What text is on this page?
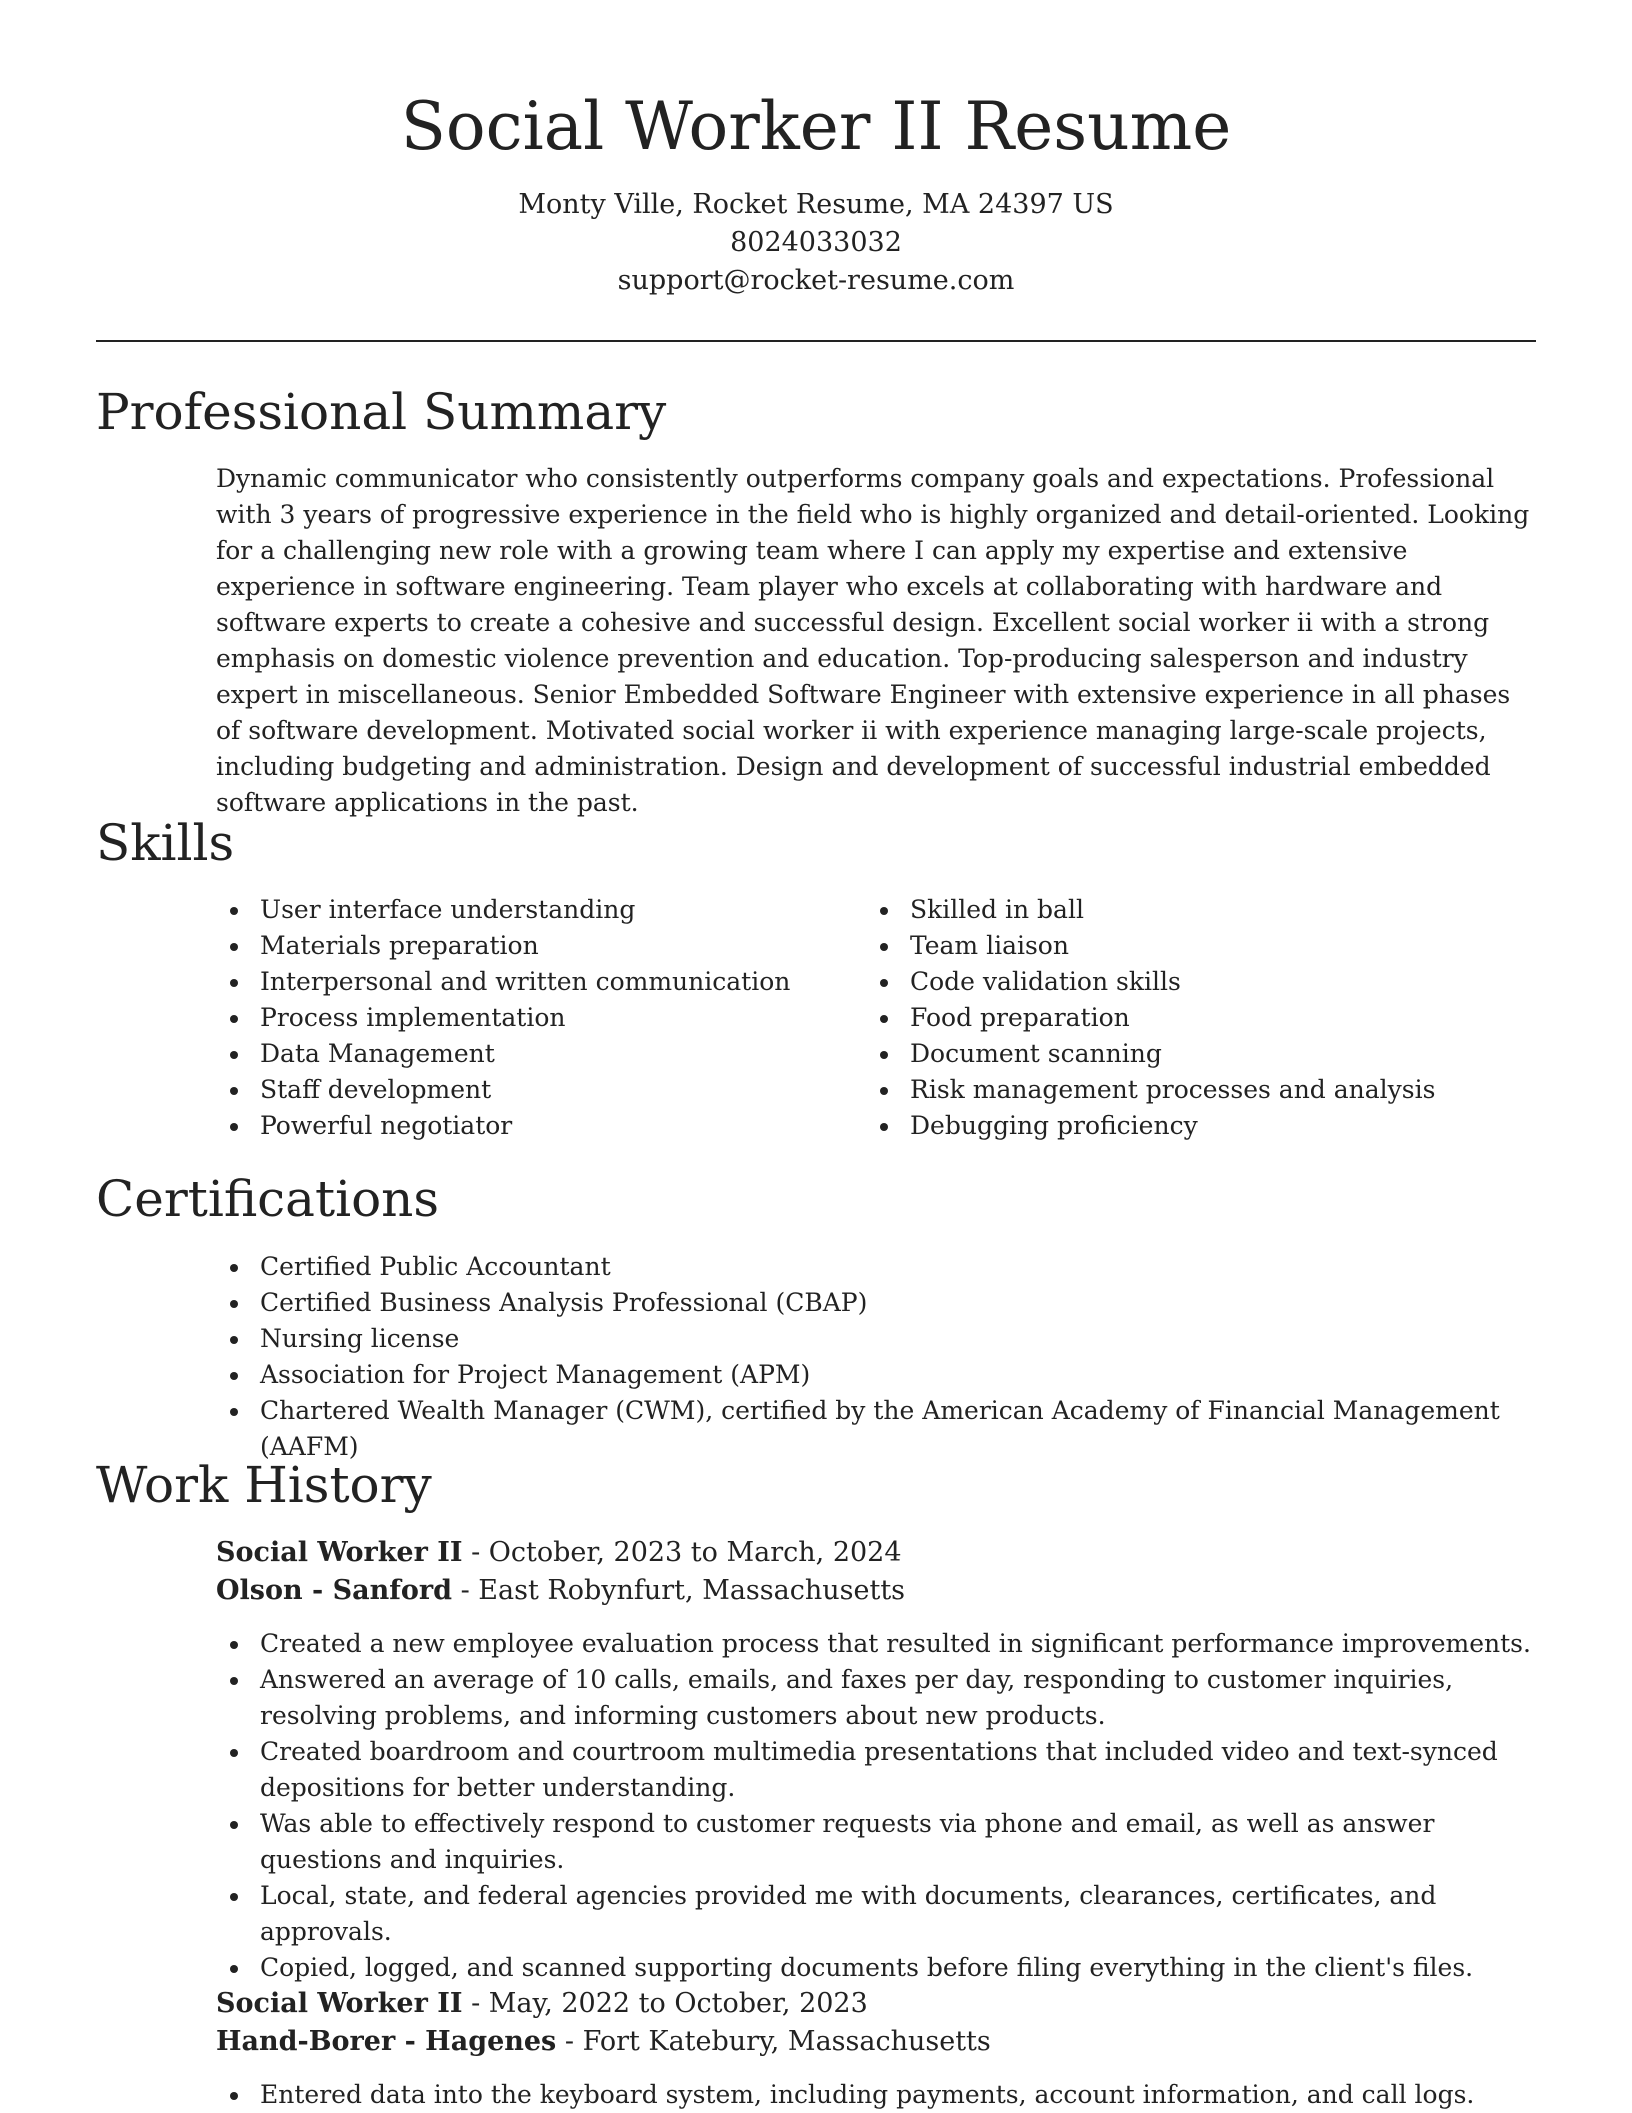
Social Worker II Resume
Monty Ville, Rocket Resume, MA 24397 US
8024033032
support@rocket-resume.com
Professional Summary

Dynamic communicator who consistently outperforms company goals and expectations. Professional with 3 years of progressive experience in the field who is highly organized and detail-oriented. Looking for a challenging new role with a growing team where I can apply my expertise and extensive experience in software engineering. Team player who excels at collaborating with hardware and software experts to create a cohesive and successful design. Excellent social worker ii with a strong emphasis on domestic violence prevention and education. Top-producing salesperson and industry expert in miscellaneous. Senior Embedded Software Engineer with extensive experience in all phases of software development. Motivated social worker ii with experience managing large-scale projects, including budgeting and administration. Design and development of successful industrial embedded software applications in the past.

Skills
User interface understanding
Materials preparation
Interpersonal and written communication
Process implementation
Data Management
Staff development
Powerful negotiator
Skilled in ball
Team liaison
Code validation skills
Food preparation
Document scanning
Risk management processes and analysis
Debugging proficiency
Certifications
Certified Public Accountant
Certified Business Analysis Professional (CBAP)
Nursing license
Association for Project Management (APM)
Chartered Wealth Manager (CWM), certified by the American Academy of Financial Management (AAFM)
Work History
Social Worker II - October, 2023 to March, 2024
Olson - Sanford - East Robynfurt, Massachusetts
Created a new employee evaluation process that resulted in significant performance improvements.
Answered an average of 10 calls, emails, and faxes per day, responding to customer inquiries, resolving problems, and informing customers about new products.
Created boardroom and courtroom multimedia presentations that included video and text-synced depositions for better understanding.
Was able to effectively respond to customer requests via phone and email, as well as answer questions and inquiries.
Local, state, and federal agencies provided me with documents, clearances, certificates, and approvals.
Copied, logged, and scanned supporting documents before filing everything in the client's files.
Social Worker II - May, 2022 to October, 2023
Hand-Borer - Hagenes - Fort Katebury, Massachusetts
Entered data into the keyboard system, including payments, account information, and call logs.
